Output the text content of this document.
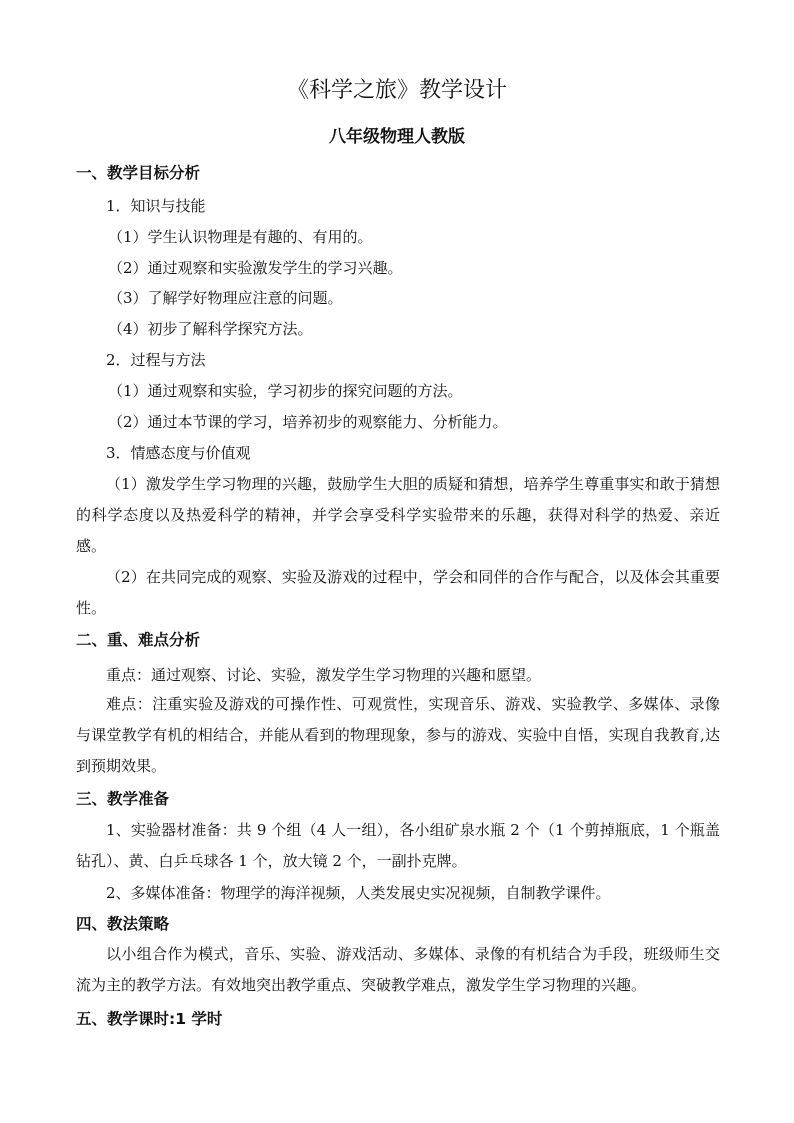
《科学之旅》教学设计
八年级物理人教版
一、教学目标分析
1．知识与技能
（1）学生认识物理是有趣的、有用的。
（2）通过观察和实验激发学生的学习兴趣。
（3）了解学好物理应注意的问题。
（4）初步了解科学探究方法。
2．过程与方法
（1）通过观察和实验，学习初步的探究问题的方法。
（2）通过本节课的学习，培养初步的观察能力、分析能力。
3．情感态度与价值观
（1）激发学生学习物理的兴趣，鼓励学生大胆的质疑和猜想，培养学生尊重事实和敢于猜想的科学态度以及热爱科学的精神，并学会享受科学实验带来的乐趣，获得对科学的热爱、亲近感。
（2）在共同完成的观察、实验及游戏的过程中，学会和同伴的合作与配合，以及体会其重要性。
二、重、难点分析
重点：通过观察、讨论、实验，激发学生学习物理的兴趣和愿望。
难点：注重实验及游戏的可操作性、可观赏性，实现音乐、游戏、实验教学、多媒体、录像与课堂教学有机的相结合，并能从看到的物理现象，参与的游戏、实验中自悟，实现自我教育,达到预期效果。
三、教学准备
1、实验器材准备：共 9 个组（4 人一组），各小组矿泉水瓶 2 个（1 个剪掉瓶底，1 个瓶盖钻孔）、黄、白乒乓球各 1 个，放大镜 2 个，一副扑克牌。
2、多媒体准备：物理学的海洋视频，人类发展史实况视频，自制教学课件。
四、教法策略
以小组合作为模式，音乐、实验、游戏活动、多媒体、录像的有机结合为手段，班级师生交流为主的教学方法。有效地突出教学重点、突破教学难点，激发学生学习物理的兴趣。
五、教学课时:1 学时
